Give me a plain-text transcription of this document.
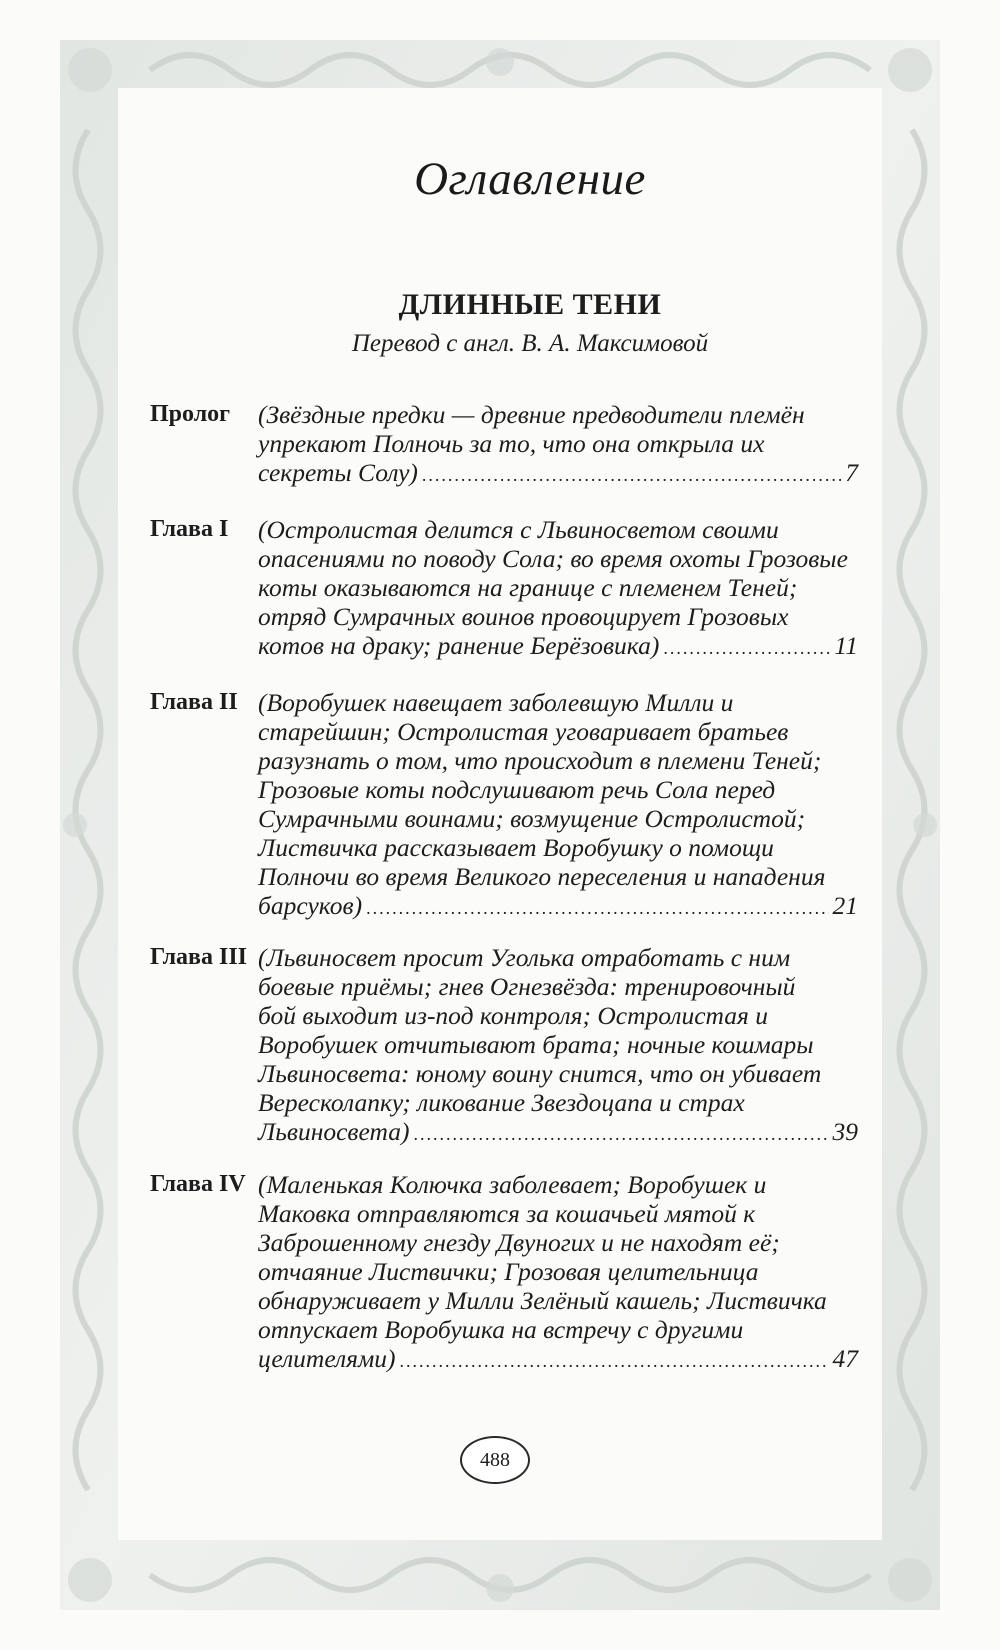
Оглавление
ДЛИННЫЕ ТЕНИ
Перевод с англ. В. А. Максимовой
Пролог	(Звёздные предки — древние предводители племён
упрекают Полночь за то, что она открыла их
секреты Солу) .....	7
Глава I	(Остролистая делится с Львиносветом своими
опасениями по поводу Сола; во время охоты Грозовые
коты оказываются на границе с племенем Теней;
отряд Сумрачных воинов провоцирует Грозовых
котов на драку; ранение Берёзовика) .....	11
Глава II (Воробушек навещает заболевшую Милли и
старейшин; Остролистая уговаривает братьев
разузнать о том, что происходит в племени Теней;
Грозовые коты подслушивают речь Сола перед
Сумрачными воинами; возмущение Остролистой;
Листвичка рассказывает Воробушку о помощи
Полночи во время Великого переселения и нападения
барсуков) .....	21
Глава III (Львиносвет просит Уголька отработать с ним
боевые приёмы; гнев Огнезвёзда: тренировочный
бой выходит из-под контроля; Остролистая и
Воробушек отчитывают брата; ночные кошмары
Львиносвета: юному воину снится, что он убивает
Вересколапку; ликование Звездоцапа и страх
Львиносвета) .....	39
Глава IV (Маленькая Колючка заболевает; Воробушек и
Маковка отправляются за кошачьей мятой к
Заброшенному гнезду Двуногих и не находят её;
отчаяние Листвички; Грозовая целительница
обнаруживает у Милли Зелёный кашель; Листвичка
отпускает Воробушка на встречу с другими
целителями) .....	47
488
